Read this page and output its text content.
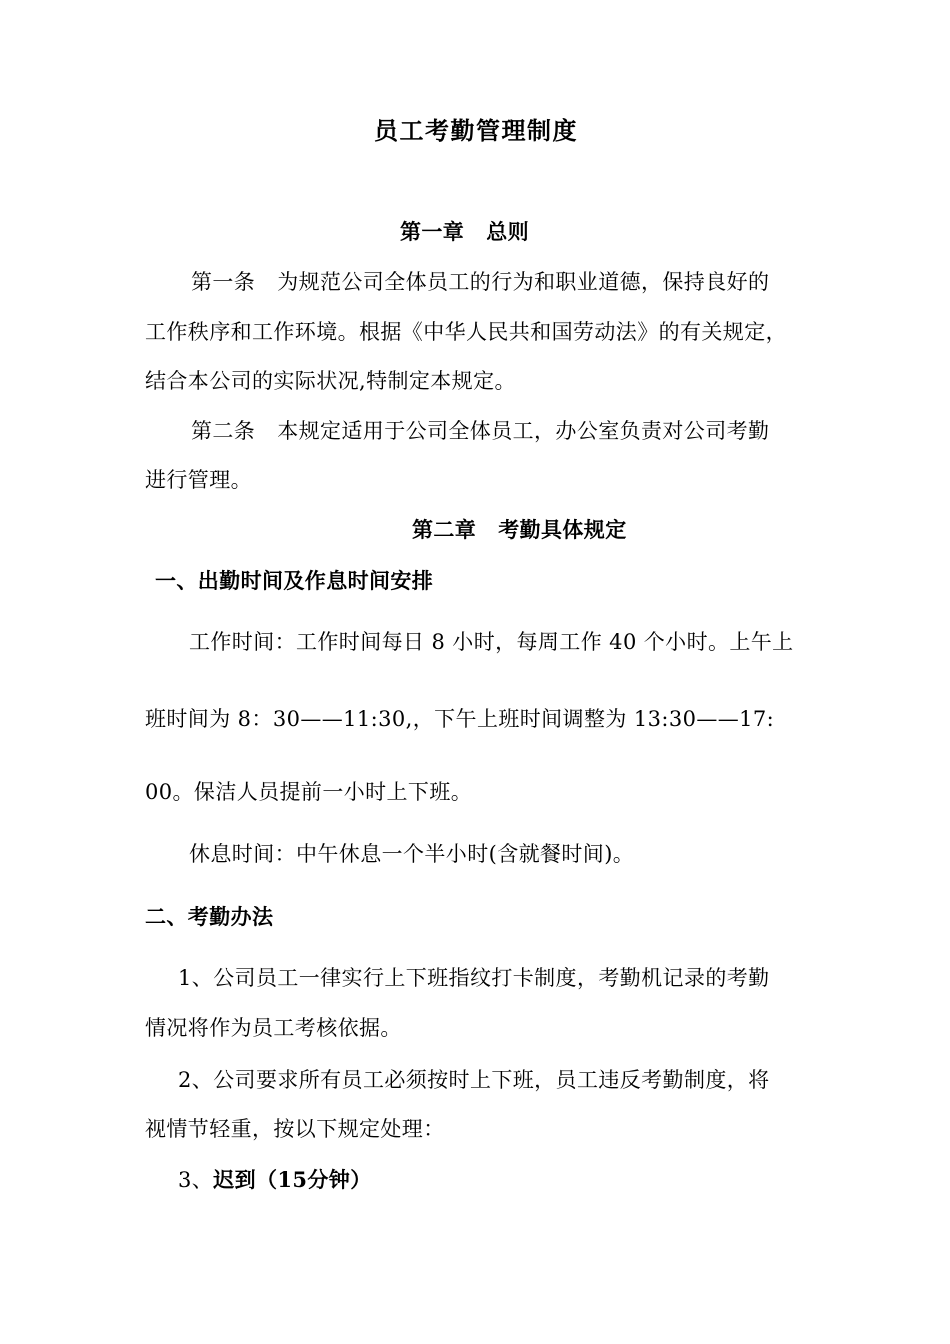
员工考勤管理制度
第一章 总则
第一条 为规范公司全体员工的行为和职业道德，保持良好的
工作秩序和工作环境。根据《中华人民共和国劳动法》的有关规定，
结合本公司的实际状况,特制定本规定。
第二条 本规定适用于公司全体员工，办公室负责对公司考勤
进行管理。
第二章 考勤具体规定
一、出勤时间及作息时间安排
工作时间：工作时间每日 8 小时，每周工作 40 个小时。上午上
班时间为 8：30——11:30,，下午上班时间调整为 13:30——17:
00。保洁人员提前一小时上下班。
休息时间：中午休息一个半小时(含就餐时间)。
二、考勤办法
1、公司员工一律实行上下班指纹打卡制度，考勤机记录的考勤
情况将作为员工考核依据。
2、公司要求所有员工必须按时上下班，员工违反考勤制度，将
视情节轻重，按以下规定处理：
3、迟到（15分钟）
